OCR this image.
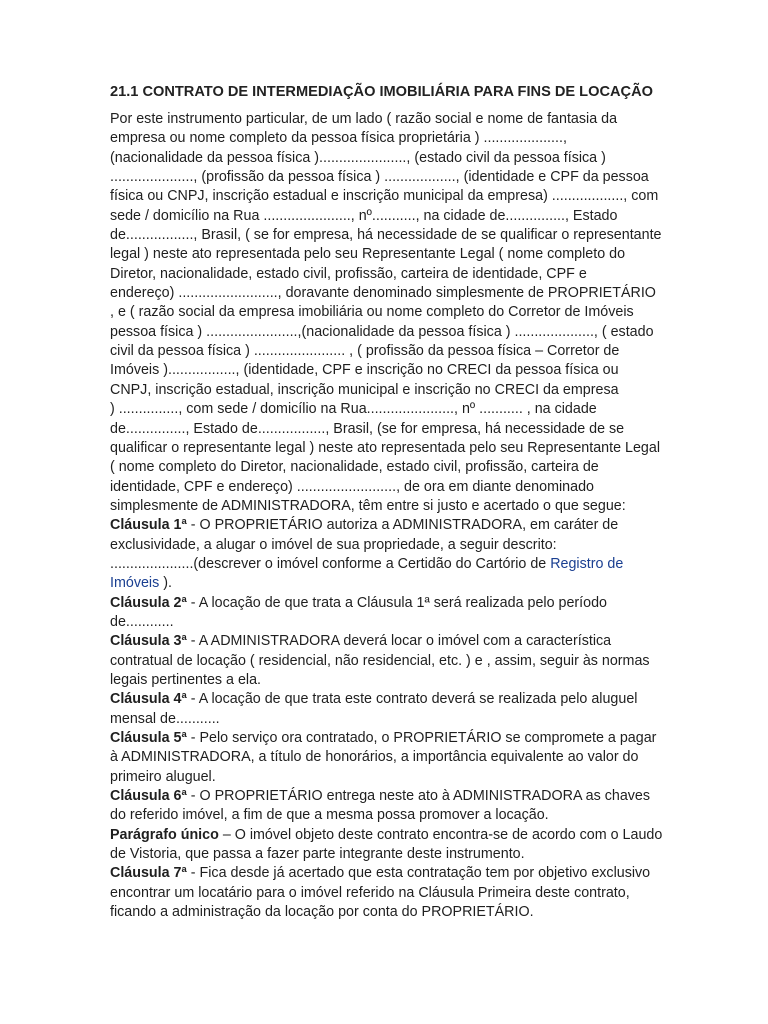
21.1 CONTRATO DE INTERMEDIAÇÃO IMOBILIÁRIA PARA FINS DE LOCAÇÃO

Por este instrumento particular, de um lado ( razão social e nome de fantasia da
empresa ou nome completo da pessoa física proprietária ) ....................,
(nacionalidade da pessoa física )......................, (estado civil da pessoa física )
....................., (profissão da pessoa física ) .................., (identidade e CPF da pessoa
física ou CNPJ, inscrição estadual e inscrição municipal da empresa) .................., com
sede / domicílio na Rua ......................, nº..........., na cidade de..............., Estado
de................., Brasil, ( se for empresa, há necessidade de se qualificar o representante
legal ) neste ato representada pelo seu Representante Legal ( nome completo do
Diretor, nacionalidade, estado civil, profissão, carteira de identidade, CPF e
endereço) ........................., doravante denominado simplesmente de PROPRIETÁRIO
, e ( razão social da empresa imobiliária ou nome completo do Corretor de Imóveis
pessoa física ) .......................,(nacionalidade da pessoa física ) ...................., ( estado
civil da pessoa física ) ....................... , ( profissão da pessoa física – Corretor de
Imóveis )................., (identidade, CPF e inscrição no CRECI da pessoa física ou
CNPJ, inscrição estadual, inscrição municipal e inscrição no CRECI da empresa
) ..............., com sede / domicílio na Rua......................, nº ........... , na cidade
de..............., Estado de................., Brasil, (se for empresa, há necessidade de se
qualificar o representante legal ) neste ato representada pelo seu Representante Legal
( nome completo do Diretor, nacionalidade, estado civil, profissão, carteira de
identidade, CPF e endereço) ........................., de ora em diante denominado
simplesmente de ADMINISTRADORA, têm entre si justo e acertado o que segue:
Cláusula 1ª - O PROPRIETÁRIO autoriza a ADMINISTRADORA, em caráter de
exclusividade, a alugar o imóvel de sua propriedade, a seguir descrito:
.....................(descrever o imóvel conforme a Certidão do Cartório de Registro de
Imóveis ).
Cláusula 2ª - A locação de que trata a Cláusula 1ª será realizada pelo período
de............
Cláusula 3ª - A ADMINISTRADORA deverá locar o imóvel com a característica
contratual de locação ( residencial, não residencial, etc. ) e , assim, seguir às normas
legais pertinentes a ela.
Cláusula 4ª - A locação de que trata este contrato deverá se realizada pelo aluguel
mensal de...........
Cláusula 5ª - Pelo serviço ora contratado, o PROPRIETÁRIO se compromete a pagar
à ADMINISTRADORA, a título de honorários, a importância equivalente ao valor do
primeiro aluguel.
Cláusula 6ª - O PROPRIETÁRIO entrega neste ato à ADMINISTRADORA as chaves
do referido imóvel, a fim de que a mesma possa promover a locação.
Parágrafo único – O imóvel objeto deste contrato encontra-se de acordo com o Laudo
de Vistoria, que passa a fazer parte integrante deste instrumento.
Cláusula 7ª - Fica desde já acertado que esta contratação tem por objetivo exclusivo
encontrar um locatário para o imóvel referido na Cláusula Primeira deste contrato,
ficando a administração da locação por conta do PROPRIETÁRIO.
